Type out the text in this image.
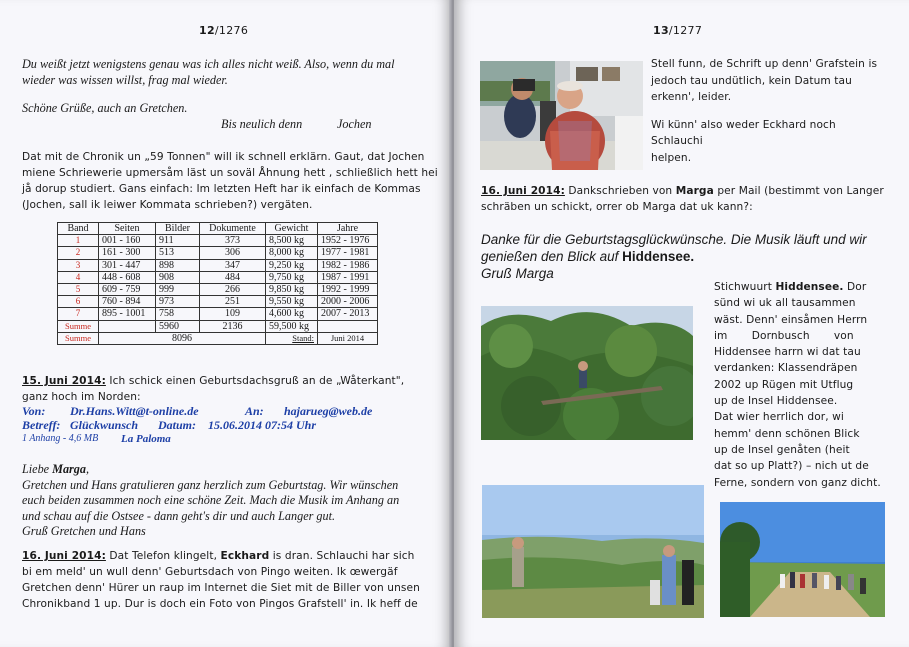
12/1276
Du weißt jetzt wenigstens genau was ich alles nicht weiß. Also, wenn du mal
wieder was wissen willst, frag mal wieder.
Schöne Grüße, auch an Gretchen.
Bis neulich denn	Jochen
Dat mit de Chronik un „59 Tonnen" will ik schnell erklärn. Gaut, dat Jochen
miene Schriewerie upmersåm läst un soväl Åhnung hett , schließlich hett hei
jå dorup studiert. Gans einfach: Im letzten Heft har ik einfach de Kommas
(Jochen, sall ik leiwer Kommata schrieben?) vergäten.
Band	Seiten	Bilder	Dokumente	Gewicht	Jahre
1	001 - 160	911	373	8,500 kg	1952 - 1976
2	161 - 300	513	306	8,000 kg	1977 - 1981
3	301 - 447	898	347	9,250 kg	1982 - 1986
4	448 - 608	908	484	9,750 kg	1987 - 1991
5	609 - 759	999	266	9,850 kg	1992 - 1999
6	760 - 894	973	251	9,550 kg	2000 - 2006
7	895 - 1001	758	109	4,600 kg	2007 - 2013
Summe		5960	2136	59,500 kg	
Summe	8096			Stand:	Juni 2014
15. Juni 2014: Ich schick einen Geburtsdachsgruß an de „Wåterkant",
ganz hoch im Norden:
Von: Dr.Hans.Witt@t-online.de	An: hajarueg@web.de
Betreff: Glückwunsch Datum: 15.06.2014 07:54 Uhr
1 Anhang - 4,6 MB La Paloma
Liebe Marga,
Gretchen und Hans gratulieren ganz herzlich zum Geburtstag. Wir wünschen
euch beiden zusammen noch eine schöne Zeit. Mach die Musik im Anhang an
und schau auf die Ostsee - dann geht's dir und auch Langer gut.
Gruß Gretchen und Hans
16. Juni 2014: Dat Telefon klingelt, Eckhard is dran. Schlauchi har sich
bi em meld' un wull denn' Geburtsdach von Pingo weiten. Ik œwergäf
Gretchen denn' Hürer un raup im Internet die Siet mit de Biller von unsen
Chronikband 1 up. Dur is doch ein Foto von Pingos Grafstell' in. Ik heff de
13/1277
Stell funn, de Schrift up denn' Grafstein is
jedoch tau undütlich, kein Datum tau
erkenn', leider.
Wi künn' also weder Eckhard noch Schlauchi
helpen.
16. Juni 2014: Dankschrieben von Marga per Mail (bestimmt von Langer
schräben un schickt, orrer ob Marga dat uk kann?:
Danke für die Geburtstagsglückwünsche. Die Musik läuft und wir
genießen den Blick auf Hiddensee.
Gruß Marga
Stichwuurt Hiddensee. Dor
sünd wi uk all tausammen
wäst. Denn' einsåmen Herrn
im       Dornbusch       von
Hiddensee harrn wi dat tau
verdanken: Klassendräpen
2002 up Rügen mit Utflug
up de Insel Hiddensee.
Dat wier herrlich dor, wi
hemm' denn schönen Blick
up de Insel genåten (heit
dat so up Platt?) – nich ut de
Ferne, sondern von ganz dicht.
